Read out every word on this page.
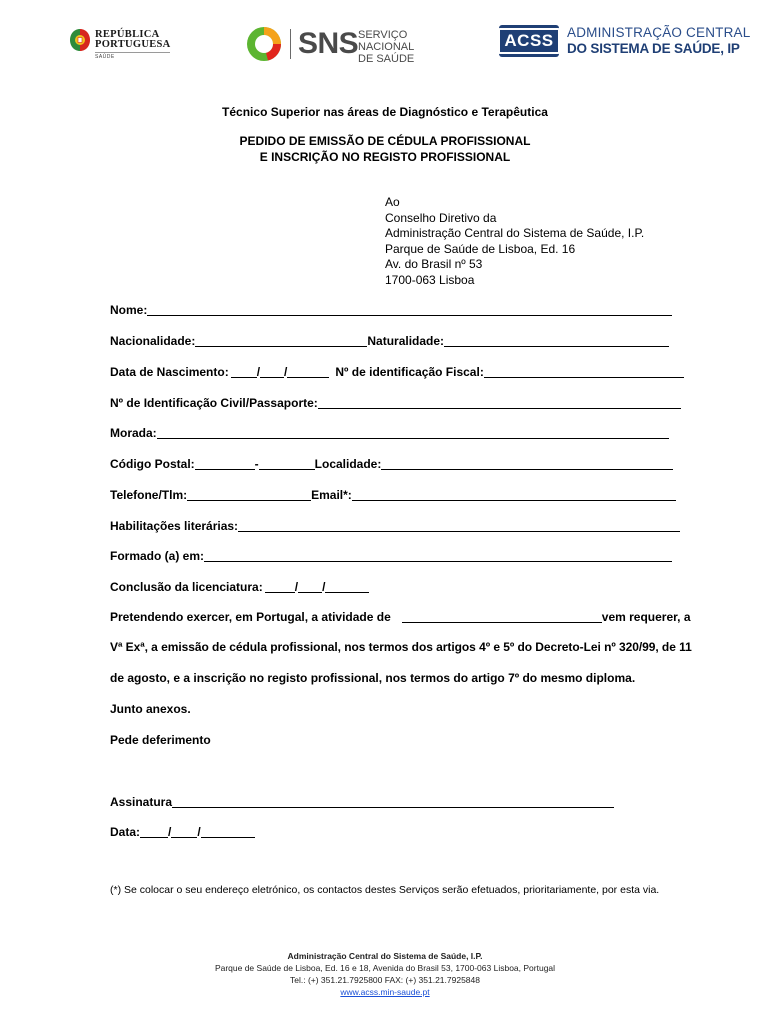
REPÚBLICA
PORTUGUESA
SAÚDE	SNS SERVIÇO NACIONAL
DE SAÚDE
ACSS ADMINISTRAÇÃO CENTRAL
DO SISTEMA DE SAÚDE, IP
Técnico Superior nas áreas de Diagnóstico e Terapêutica
PEDIDO DE EMISSÃO DE CÉDULA PROFISSIONAL
E INSCRIÇÃO NO REGISTO PROFISSIONAL
Ao
Conselho Diretivo da
Administração Central do Sistema de Saúde, I.P.
Parque de Saúde de Lisboa, Ed. 16
Av. do Brasil nº 53
1700-063 Lisboa
Nome:
Nacionalidade:	Naturalidade:
Data de Nascimento: / /	Nº de identificação Fiscal:
Nº de Identificação Civil/Passaporte:
Morada:
Código Postal:	-	Localidade:
Telefone/Tlm:	Email*:
Habilitações literárias:
Formado (a) em:
Conclusão da licenciatura:	/ /
Pretendendo exercer, em Portugal, a atividade de	vem requerer, a
Vª Exª, a emissão de cédula profissional, nos termos dos artigos 4º e 5º do Decreto-Lei nº 320/99, de 11
de agosto, e a inscrição no registo profissional, nos termos do artigo 7º do mesmo diploma.
Junto anexos.
Pede deferimento
Assinatura
Data: / /
(*) Se colocar o seu endereço eletrónico, os contactos destes Serviços serão efetuados, prioritariamente, por esta via.
Administração Central do Sistema de Saúde, I.P.
Parque de Saúde de Lisboa, Ed. 16 e 18, Avenida do Brasil 53, 1700-063 Lisboa, Portugal
Tel.: (+) 351.21.7925800 FAX: (+) 351.21.7925848
www.acss.min-saude.pt
